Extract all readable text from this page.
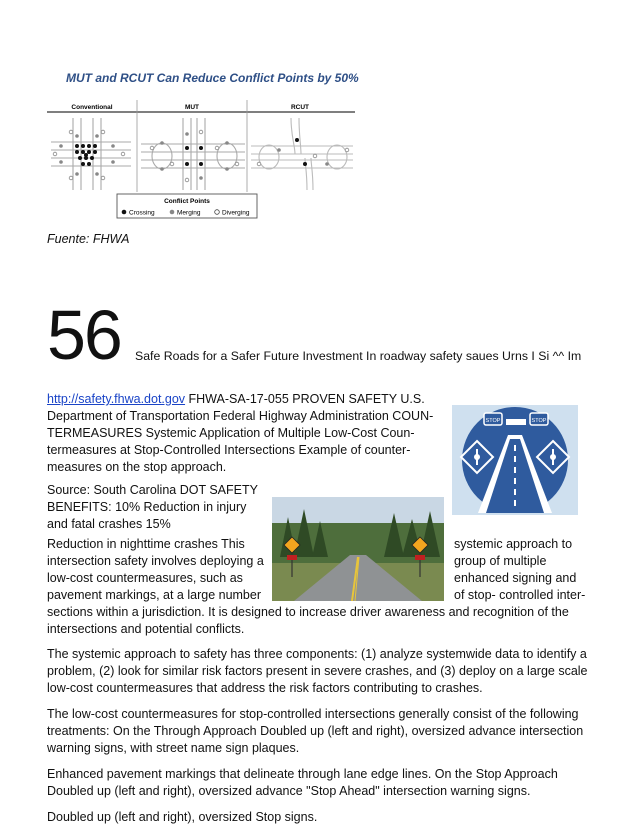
MUT and RCUT Can Reduce Conflict Points by 50%
Conventional	MUT	RCUT
Conflict Points
Crossing	Merging	Diverging
Fuente: FHWA
56 Safe Roads for a Safer Future Investment In roadway safety saues Urns I Si ^^ Im
http://safety.fhwa.dot.gov FHWA-SA-17-055 PROVEN SAFETY U.S.
Department of Transportation Federal Highway Administration COUN-
TERMEASURES Systemic Application of Multiple Low-Cost Coun-
termeasures at Stop-Controlled Intersections Example of counter-
measures on the stop approach.
STOP	STOP
Source: South Carolina DOT SAFETY
BENEFITS: 10% Reduction in injury
and fatal crashes 15%
Reduction in nighttime crashes This
intersection safety involves deploying a
low-cost countermeasures, such as
pavement markings, at a large number
systemic approach to
group of multiple
enhanced signing and
of stop- controlled inter-
sections within a jurisdiction. It is designed to increase driver awareness and recognition of the
intersections and potential conflicts.

The systemic approach to safety has three components: (1) analyze systemwide data to identify a
problem, (2) look for similar risk factors present in severe crashes, and (3) deploy on a large scale
low-cost countermeasures that address the risk factors contributing to crashes.

The low-cost countermeasures for stop-controlled intersections generally consist of the following
treatments: On the Through Approach Doubled up (left and right), oversized advance intersection
warning signs, with street name sign plaques.

Enhanced pavement markings that delineate through lane edge lines. On the Stop Approach
Doubled up (left and right), oversized advance "Stop Ahead" intersection warning signs.

Doubled up (left and right), oversized Stop signs.
